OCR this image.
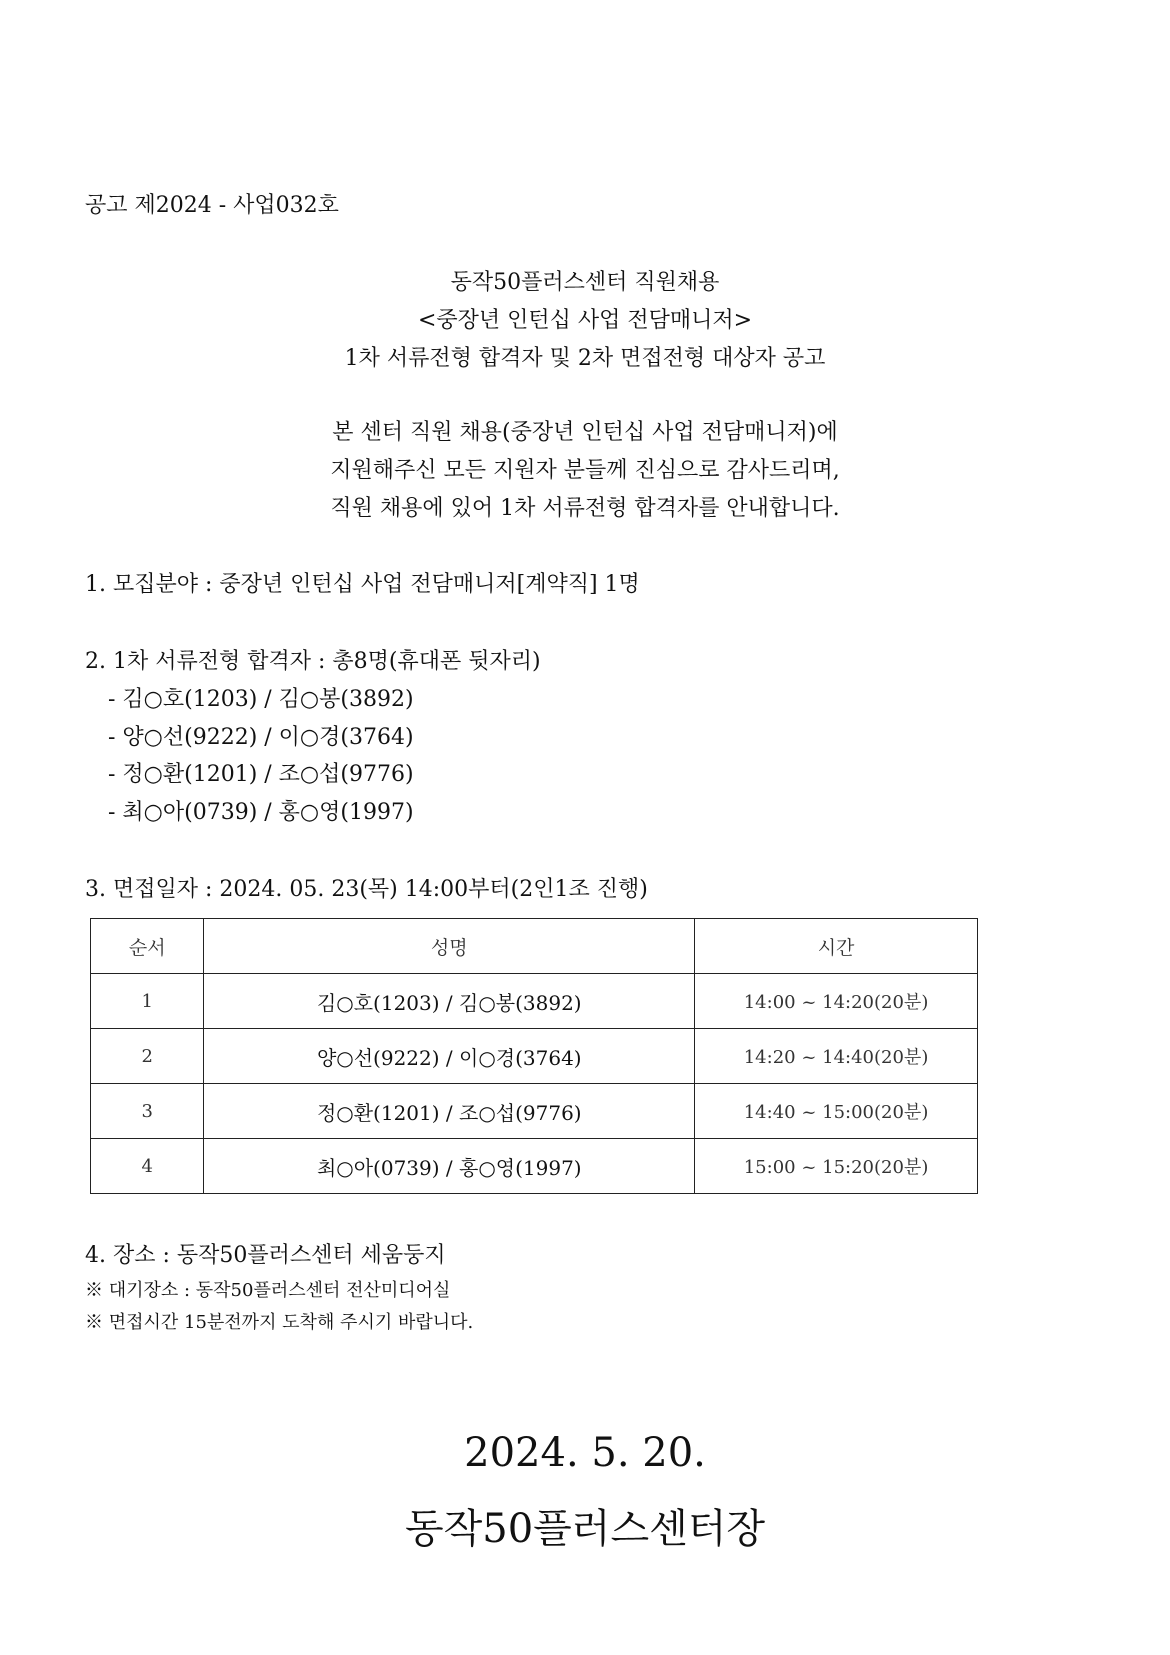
공고 제2024 - 사업032호
동작50플러스센터 직원채용
<중장년 인턴십 사업 전담매니저>
1차 서류전형 합격자 및 2차 면접전형 대상자 공고
본 센터 직원 채용(중장년 인턴십 사업 전담매니저)에
지원해주신 모든 지원자 분들께 진심으로 감사드리며,
직원 채용에 있어 1차 서류전형 합격자를 안내합니다.
1. 모집분야 : 중장년 인턴십 사업 전담매니저[계약직] 1명
2. 1차 서류전형 합격자 : 총8명(휴대폰 뒷자리)
- 김○호(1203) / 김○봉(3892)
- 양○선(9222) / 이○경(3764)
- 정○환(1201) / 조○섭(9776)
- 최○아(0739) / 홍○영(1997)
3. 면접일자 : 2024. 05. 23(목) 14:00부터(2인1조 진행)
순서	성명	시간
1	김○호(1203) / 김○봉(3892)	14:00 ~ 14:20(20분)
2	양○선(9222) / 이○경(3764)	14:20 ~ 14:40(20분)
3	정○환(1201) / 조○섭(9776)	14:40 ~ 15:00(20분)
4	최○아(0739) / 홍○영(1997)	15:00 ~ 15:20(20분)
4. 장소 : 동작50플러스센터 세움둥지
※ 대기장소 : 동작50플러스센터 전산미디어실
※ 면접시간 15분전까지 도착해 주시기 바랍니다.
2024. 5. 20.
동작50플러스센터장
